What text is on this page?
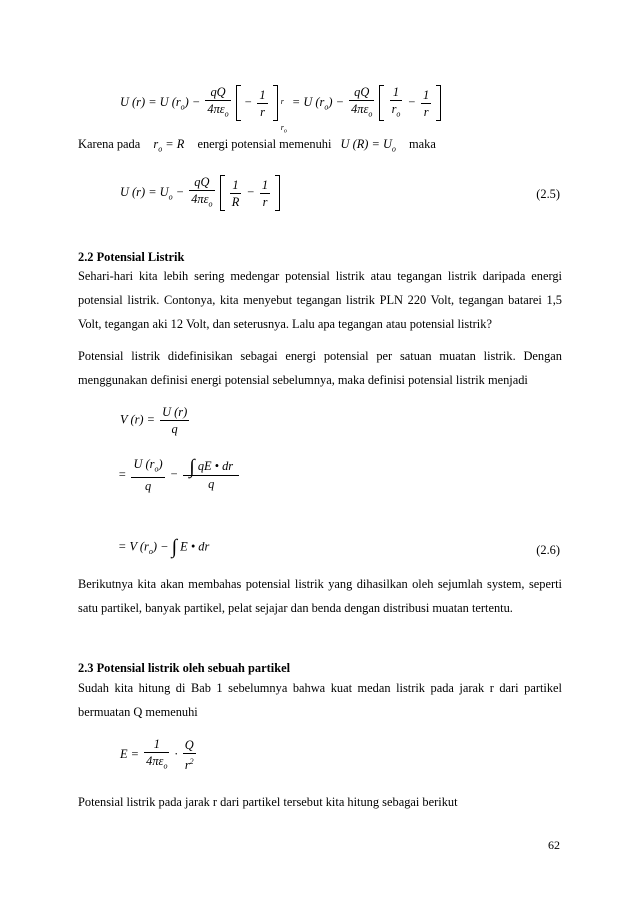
U (r) = U $(r_o) - \frac{qQ}{4\pi\varepsilon_o} - \frac{1}{r}$
r
$r_o$
= U $(r_o) - \frac{qQ}{4\pi\varepsilon_o}$
$\frac{1}{r_o} - \frac{1}{r}$

Karena pada $r_o = R$ energi potensial memenuhi U $(R) = U_o$ maka
U $(r) = U_o - \frac{qQ}{4\pi\varepsilon_o}$
$\frac{1}{R} - \frac{1}{r}$
	(2.5)
2.2 Potensial Listrik

Sehari-hari kita lebih sering medengar potensial listrik atau tegangan listrik daripada energi potensial listrik. Contonya, kita menyebut tegangan listrik PLN 220 Volt, tegangan batarei 1,5 Volt, tegangan aki 12 Volt, dan seterusnya. Lalu apa tegangan atau potensial listrik?

Potensial listrik didefinisikan sebagai energi potensial per satuan muatan listrik. Dengan menggunakan definisi energi potensial sebelumnya, maka definisi potensial listrik menjadi

V $(r) = \frac{U (r)}{q}$
= $\frac{U (r_o)}{q} - \frac{\int qE • dr}{q}$
= V $(r_o)$ − ∫ E • dr	(2.6)

Berikutnya kita akan membahas potensial listrik yang dihasilkan oleh sejumlah system, seperti satu partikel, banyak partikel, pelat sejajar dan benda dengan distribusi muatan tertentu.

2.3 Potensial listrik oleh sebuah partikel

Sudah kita hitung di Bab 1 sebelumnya bahwa kuat medan listrik pada jarak r dari partikel bermuatan Q memenuhi

$E = \frac{1}{4\pi\varepsilon_o} \cdot \frac{Q}{r^2}$

Potensial listrik pada jarak r dari partikel tersebut kita hitung sebagai berikut

62
